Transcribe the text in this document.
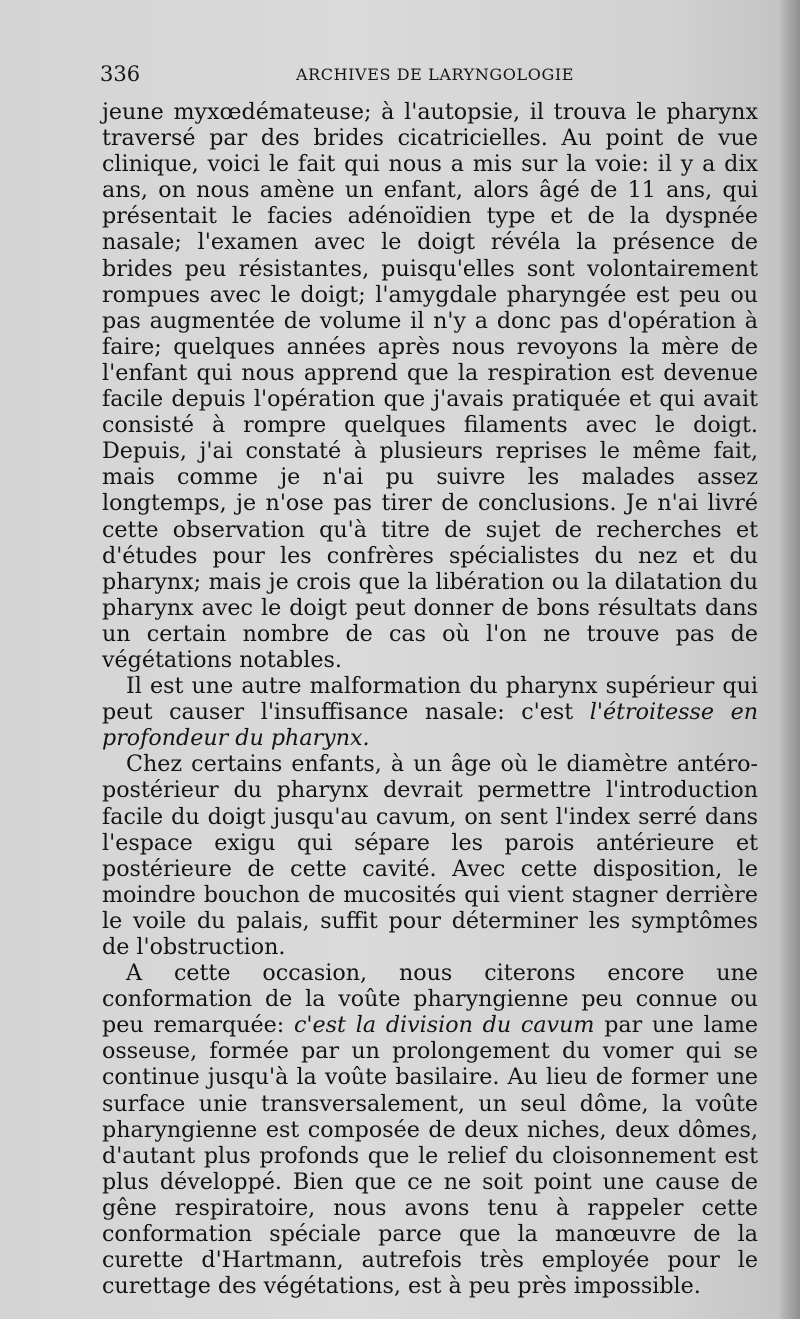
336	ARCHIVES DE LARYNGOLOGIE

jeune myxœdémateuse; à l'autopsie, il trouva le pharynx traversé par des brides cicatricielles. Au point de vue clinique, voici le fait qui nous a mis sur la voie: il y a dix ans, on nous amène un enfant, alors âgé de 11 ans, qui présentait le facies adénoïdien type et de la dyspnée nasale; l'examen avec le doigt révéla la présence de brides peu résistantes, puisqu'elles sont volontairement rompues avec le doigt; l'amygdale pharyngée est peu ou pas augmentée de volume il n'y a donc pas d'opération à faire; quelques années après nous revoyons la mère de l'enfant qui nous apprend que la respiration est devenue facile depuis l'opération que j'avais pratiquée et qui avait consisté à rompre quelques filaments avec le doigt. Depuis, j'ai constaté à plusieurs reprises le même fait, mais comme je n'ai pu suivre les malades assez longtemps, je n'ose pas tirer de conclusions. Je n'ai livré cette observation qu'à titre de sujet de recherches et d'études pour les confrères spécialistes du nez et du pharynx; mais je crois que la libération ou la dilatation du pharynx avec le doigt peut donner de bons résultats dans un certain nombre de cas où l'on ne trouve pas de végétations notables.

Il est une autre malformation du pharynx supérieur qui peut causer l'insuffisance nasale: c'est l'étroitesse en profondeur du pharynx.

Chez certains enfants, à un âge où le diamètre antéro-postérieur du pharynx devrait permettre l'introduction facile du doigt jusqu'au cavum, on sent l'index serré dans l'espace exigu qui sépare les parois antérieure et postérieure de cette cavité. Avec cette disposition, le moindre bouchon de mucosités qui vient stagner derrière le voile du palais, suffit pour déterminer les symptômes de l'obstruction.

A cette occasion, nous citerons encore une conformation de la voûte pharyngienne peu connue ou peu remarquée: c'est la division du cavum par une lame osseuse, formée par un prolongement du vomer qui se continue jusqu'à la voûte basilaire. Au lieu de former une surface unie transversalement, un seul dôme, la voûte pharyngienne est composée de deux niches, deux dômes, d'autant plus profonds que le relief du cloisonnement est plus développé. Bien que ce ne soit point une cause de gêne respiratoire, nous avons tenu à rappeler cette conformation spéciale parce que la manœuvre de la curette d'Hartmann, autrefois très employée pour le curettage des végétations, est à peu près impossible.
